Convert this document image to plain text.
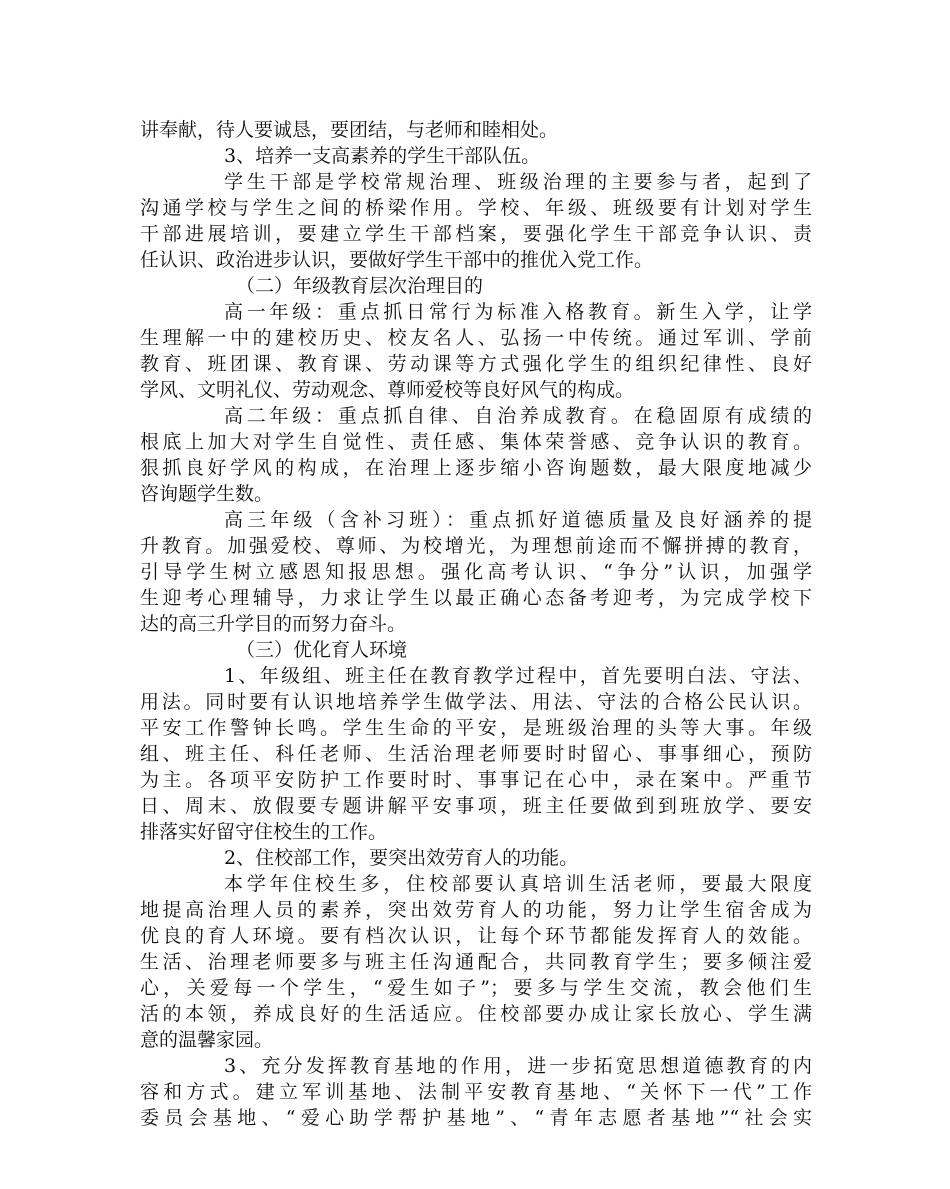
讲奉献，待人要诚恳，要团结，与老师和睦相处。
3、培养一支高素养的学生干部队伍。
学生干部是学校常规治理、班级治理的主要参与者，起到了
沟通学校与学生之间的桥梁作用。学校、年级、班级要有计划对学生
干部进展培训，要建立学生干部档案，要强化学生干部竞争认识、责
任认识、政治进步认识，要做好学生干部中的推优入党工作。
（二）年级教育层次治理目的
高一年级：重点抓日常行为标准入格教育。新生入学，让学
生理解一中的建校历史、校友名人、弘扬一中传统。通过军训、学前
教育、班团课、教育课、劳动课等方式强化学生的组织纪律性、良好
学风、文明礼仪、劳动观念、尊师爱校等良好风气的构成。
高二年级：重点抓自律、自治养成教育。在稳固原有成绩的
根底上加大对学生自觉性、责任感、集体荣誉感、竞争认识的教育。
狠抓良好学风的构成，在治理上逐步缩小咨询题数，最大限度地减少
咨询题学生数。
高三年级（含补习班）：重点抓好道德质量及良好涵养的提
升教育。加强爱校、尊师、为校增光，为理想前途而不懈拼搏的教育，
引导学生树立感恩知报思想。强化高考认识、“争分”认识，加强学
生迎考心理辅导，力求让学生以最正确心态备考迎考，为完成学校下
达的高三升学目的而努力奋斗。
（三）优化育人环境
1、年级组、班主任在教育教学过程中，首先要明白法、守法、
用法。同时要有认识地培养学生做学法、用法、守法的合格公民认识。
平安工作警钟长鸣。学生生命的平安，是班级治理的头等大事。年级
组、班主任、科任老师、生活治理老师要时时留心、事事细心，预防
为主。各项平安防护工作要时时、事事记在心中，录在案中。严重节
日、周末、放假要专题讲解平安事项，班主任要做到到班放学、要安
排落实好留守住校生的工作。
2、住校部工作，要突出效劳育人的功能。
本学年住校生多，住校部要认真培训生活老师，要最大限度
地提高治理人员的素养，突出效劳育人的功能，努力让学生宿舍成为
优良的育人环境。要有档次认识，让每个环节都能发挥育人的效能。
生活、治理老师要多与班主任沟通配合，共同教育学生；要多倾注爱
心，关爱每一个学生，“爱生如子”；要多与学生交流，教会他们生
活的本领，养成良好的生活适应。住校部要办成让家长放心、学生满
意的温馨家园。
3、充分发挥教育基地的作用，进一步拓宽思想道德教育的内
容和方式。建立军训基地、法制平安教育基地、“关怀下一代”工作
委员会基地、“爱心助学帮护基地”、“青年志愿者基地”“社会实
